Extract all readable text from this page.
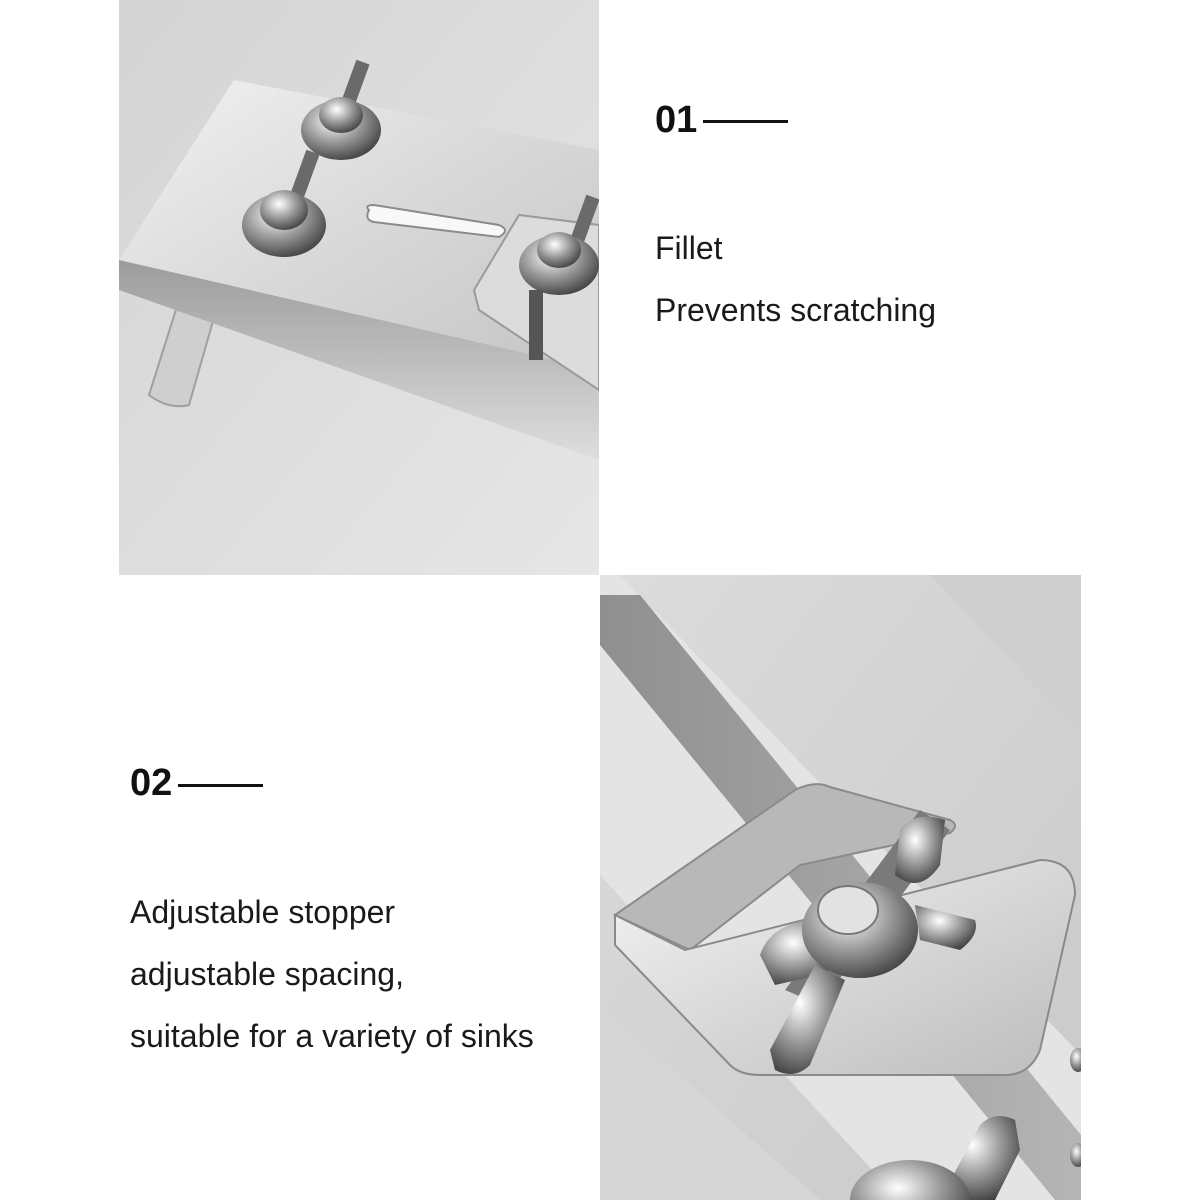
01
Fillet
Prevents scratching
02
Adjustable stopper
adjustable spacing,
suitable for a variety of sinks
